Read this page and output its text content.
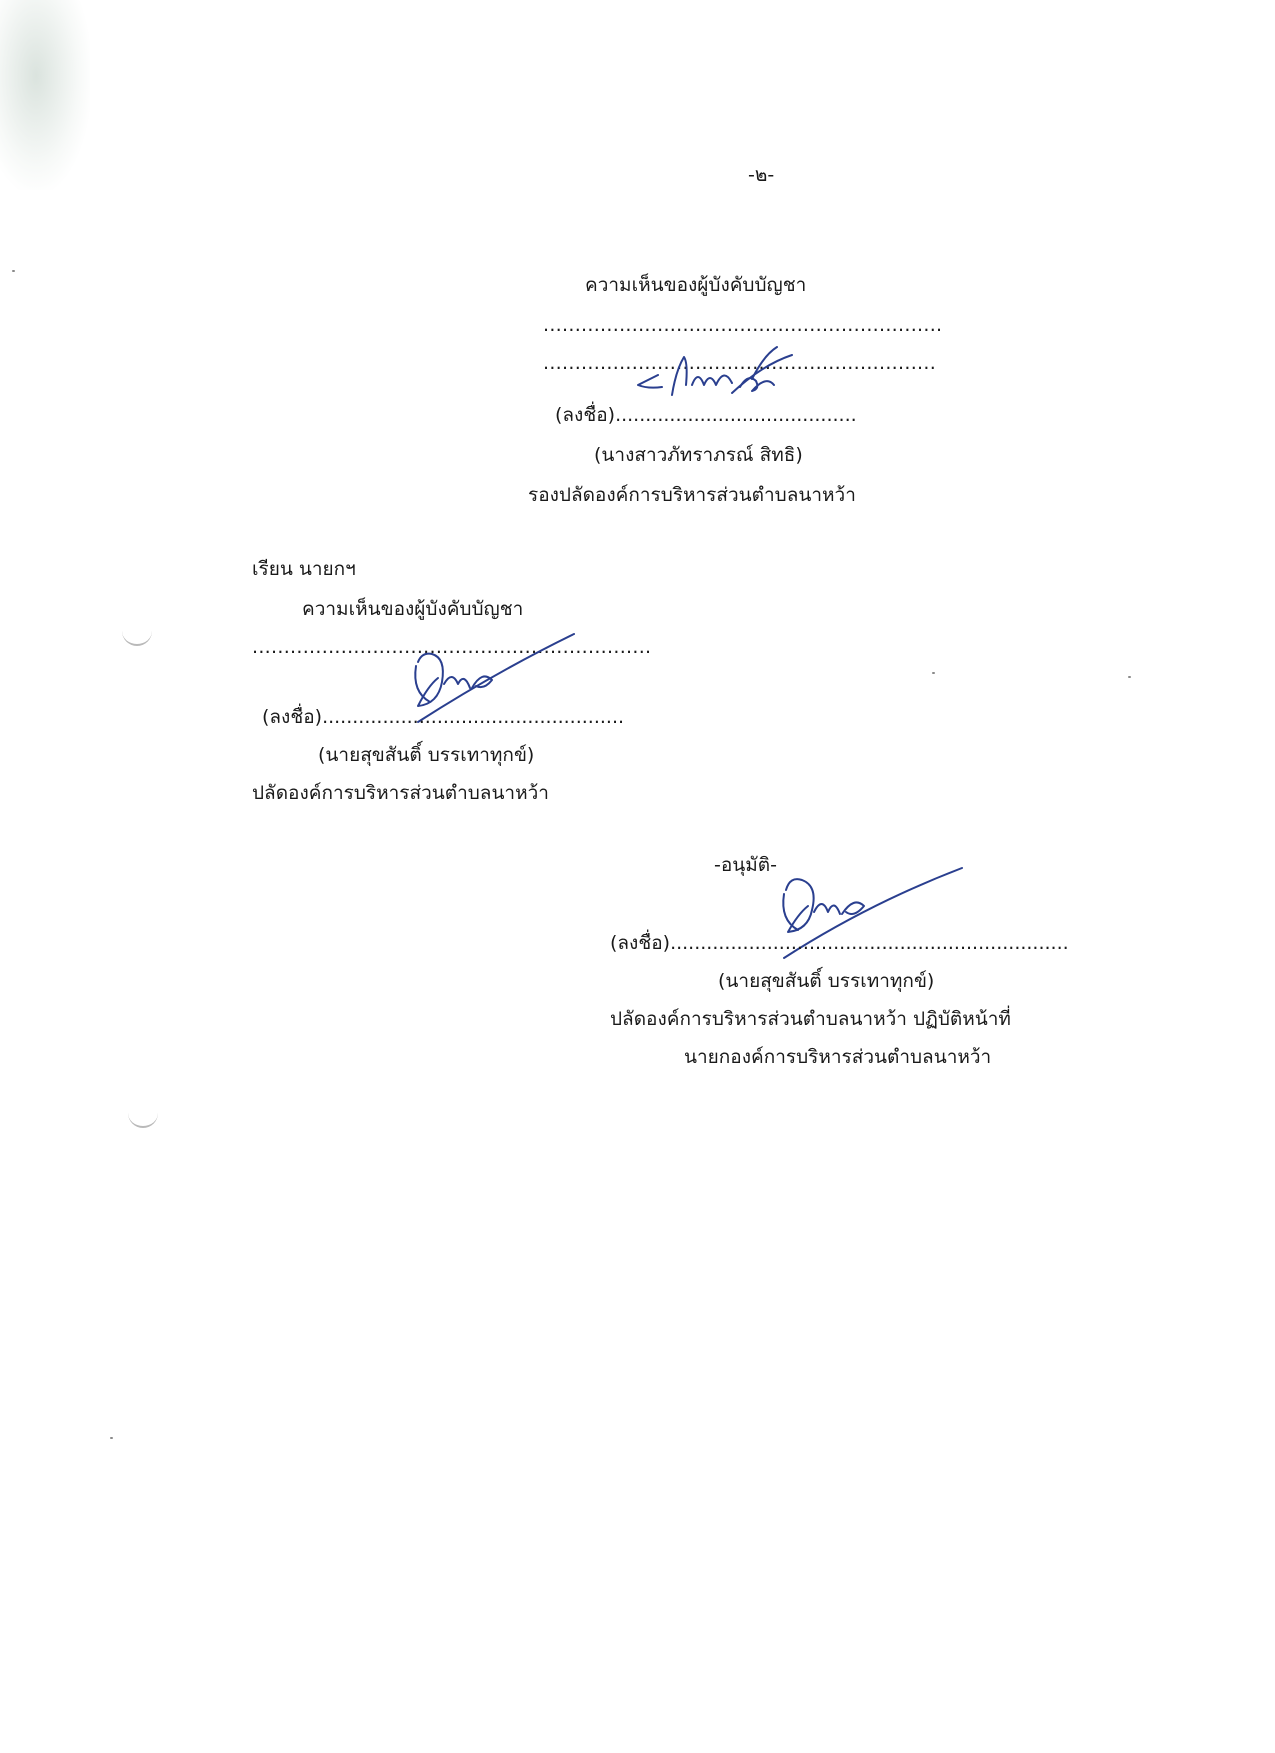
-๒-
ความเห็นของผู้บังคับบัญชา
...............................................................
..............................................................
(ลงชื่อ)........................................
(นางสาวภัทราภรณ์ สิทธิ)
รองปลัดองค์การบริหารส่วนตำบลนาหว้า
เรียน นายกฯ
ความเห็นของผู้บังคับบัญชา
...............................................................
(ลงชื่อ)..................................................
(นายสุขสันติ์ บรรเทาทุกข์)
ปลัดองค์การบริหารส่วนตำบลนาหว้า
-อนุมัติ-
(ลงชื่อ)..................................................................
(นายสุขสันติ์ บรรเทาทุกข์)
ปลัดองค์การบริหารส่วนตำบลนาหว้า ปฏิบัติหน้าที่
นายกองค์การบริหารส่วนตำบลนาหว้า
